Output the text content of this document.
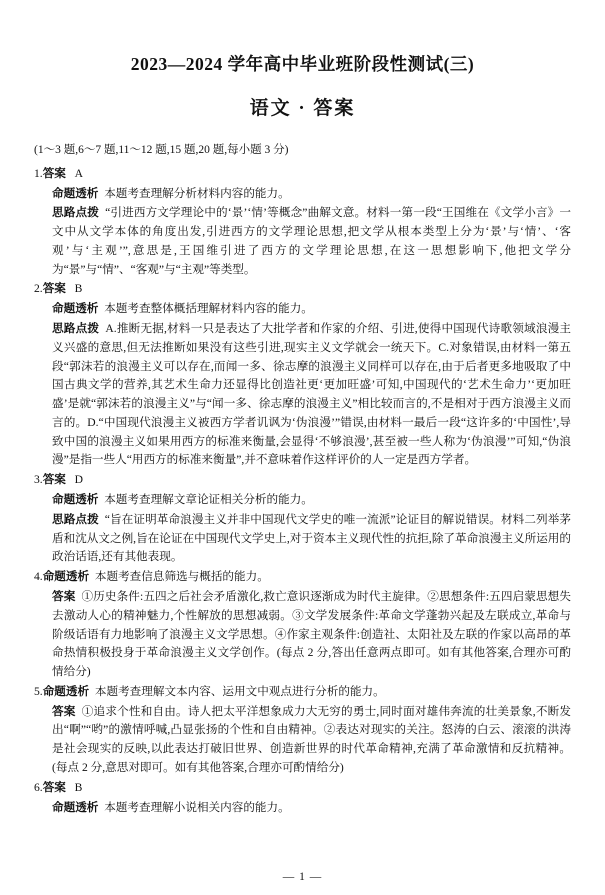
2023—2024 学年高中毕业班阶段性测试(三)
语文 · 答案
(1～3 题,6～7 题,11～12 题,15 题,20 题,每小题 3 分)
1.答案 A
命题透析 本题考查理解分析材料内容的能力。
思路点拨 “引进西方文学理论中的‘景’‘情’等概念”曲解文意。材料一第一段“王国维在《文学小言》一文中从文学本体的角度出发,引进西方的文学理论思想,把文学从根本类型上分为‘景’与‘情’、‘客观’与‘主观’”,意思是,王国维引进了西方的文学理论思想,在这一思想影响下,他把文学分为“景”与“情”、“客观”与“主观”等类型。
2.答案 B
命题透析 本题考查整体概括理解材料内容的能力。
思路点拨 A.推断无据,材料一只是表达了大批学者和作家的介绍、引进,使得中国现代诗歌领域浪漫主义兴盛的意思,但无法推断如果没有这些引进,现实主义文学就会一统天下。C.对象错误,由材料一第五段“郭沫若的浪漫主义可以存在,而闻一多、徐志摩的浪漫主义同样可以存在,由于后者更多地吸取了中国古典文学的营养,其艺术生命力还显得比创造社更‘更加旺盛’可知,中国现代的‘艺术生命力’‘更加旺盛’是就“郭沫若的浪漫主义”与“闻一多、徐志摩的浪漫主义”相比较而言的,不是相对于西方浪漫主义而言的。D.“中国现代浪漫主义被西方学者讥讽为‘伪浪漫’”错误,由材料一最后一段“这许多的‘中国性’,导致中国的浪漫主义如果用西方的标准来衡量,会显得‘不够浪漫’,甚至被一些人称为‘伪浪漫’”可知,“伪浪漫”是指一些人“用西方的标准来衡量”,并不意味着作这样评价的人一定是西方学者。
3.答案 D
命题透析 本题考查理解文章论证相关分析的能力。
思路点拨 “旨在证明革命浪漫主义并非中国现代文学史的唯一流派”论证目的解说错误。材料二列举茅盾和沈从文之例,旨在论证在中国现代文学史上,对于资本主义现代性的抗拒,除了革命浪漫主义所运用的政治话语,还有其他表现。
4.命题透析 本题考查信息筛选与概括的能力。
答案 ①历史条件:五四之后社会矛盾激化,救亡意识逐渐成为时代主旋律。②思想条件:五四启蒙思想失去激动人心的精神魅力,个性解放的思想减弱。③文学发展条件:革命文学蓬勃兴起及左联成立,革命与阶级话语有力地影响了浪漫主义文学思想。④作家主观条件:创造社、太阳社及左联的作家以高昂的革命热情积极投身于革命浪漫主义文学创作。(每点 2 分,答出任意两点即可。如有其他答案,合理亦可酌情给分)
5.命题透析 本题考查理解文本内容、运用文中观点进行分析的能力。
答案 ①追求个性和自由。诗人把太平洋想象成力大无穷的勇士,同时面对雄伟奔流的壮美景象,不断发出“啊”“哟”的激情呼喊,凸显张扬的个性和自由精神。②表达对现实的关注。怒涛的白云、滚滚的洪涛是社会现实的反映,以此表达打破旧世界、创造新世界的时代革命精神,充满了革命激情和反抗精神。(每点 2 分,意思对即可。如有其他答案,合理亦可酌情给分)
6.答案 B
命题透析 本题考查理解小说相关内容的能力。
— 1 —
